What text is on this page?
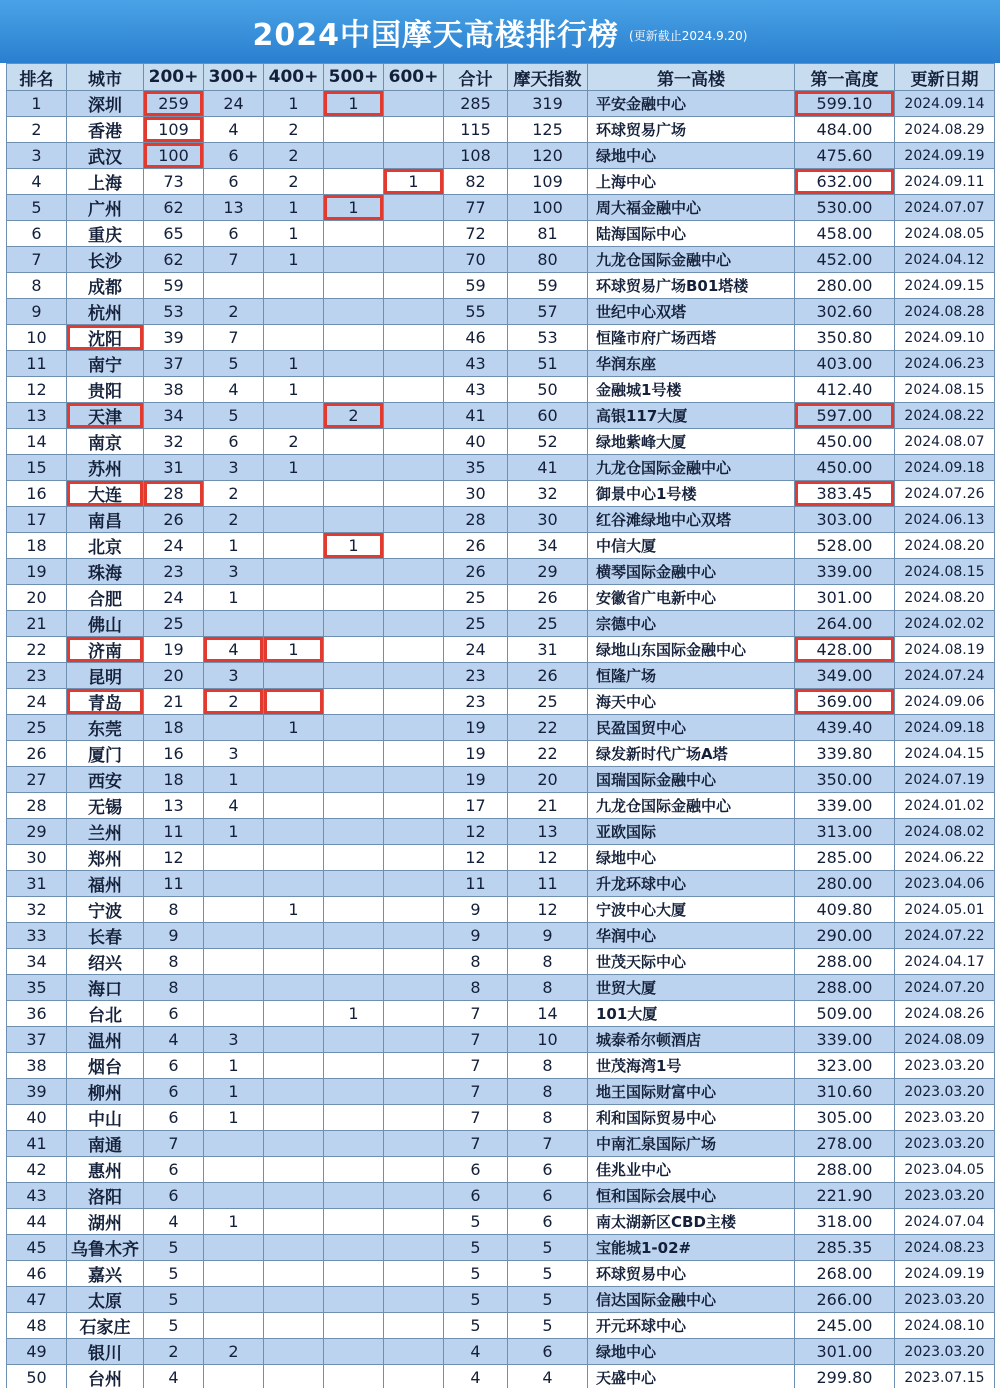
2024中国摩天高楼排行榜 (更新截止2024.9.20)
排名	城市	200+	300+	400+	500+	600+	合计	摩天指数	第一高楼	第一高度	更新日期
1	深圳	259	24	1	1		285	319	平安金融中心	599.10	2024.09.14
2	香港	109	4	2			115	125	环球贸易广场	484.00	2024.08.29
3	武汉	100	6	2			108	120	绿地中心	475.60	2024.09.19
4	上海	73	6	2		1	82	109	上海中心	632.00	2024.09.11
5	广州	62	13	1	1		77	100	周大福金融中心	530.00	2024.07.07
6	重庆	65	6	1			72	81	陆海国际中心	458.00	2024.08.05
7	长沙	62	7	1			70	80	九龙仓国际金融中心	452.00	2024.04.12
8	成都	59					59	59	环球贸易广场B01塔楼	280.00	2024.09.15
9	杭州	53	2				55	57	世纪中心双塔	302.60	2024.08.28
10	沈阳	39	7				46	53	恒隆市府广场西塔	350.80	2024.09.10
11	南宁	37	5	1			43	51	华润东座	403.00	2024.06.23
12	贵阳	38	4	1			43	50	金融城1号楼	412.40	2024.08.15
13	天津	34	5		2		41	60	高银117大厦	597.00	2024.08.22
14	南京	32	6	2			40	52	绿地紫峰大厦	450.00	2024.08.07
15	苏州	31	3	1			35	41	九龙仓国际金融中心	450.00	2024.09.18
16	大连	28	2				30	32	御景中心1号楼	383.45	2024.07.26
17	南昌	26	2				28	30	红谷滩绿地中心双塔	303.00	2024.06.13
18	北京	24	1		1		26	34	中信大厦	528.00	2024.08.20
19	珠海	23	3				26	29	横琴国际金融中心	339.00	2024.08.15
20	合肥	24	1				25	26	安徽省广电新中心	301.00	2024.08.20
21	佛山	25					25	25	宗德中心	264.00	2024.02.02
22	济南	19	4	1			24	31	绿地山东国际金融中心	428.00	2024.08.19
23	昆明	20	3				23	26	恒隆广场	349.00	2024.07.24
24	青岛	21	2				23	25	海天中心	369.00	2024.09.06
25	东莞	18		1			19	22	民盈国贸中心	439.40	2024.09.18
26	厦门	16	3				19	22	绿发新时代广场A塔	339.80	2024.04.15
27	西安	18	1				19	20	国瑞国际金融中心	350.00	2024.07.19
28	无锡	13	4				17	21	九龙仓国际金融中心	339.00	2024.01.02
29	兰州	11	1				12	13	亚欧国际	313.00	2024.08.02
30	郑州	12					12	12	绿地中心	285.00	2024.06.22
31	福州	11					11	11	升龙环球中心	280.00	2023.04.06
32	宁波	8		1			9	12	宁波中心大厦	409.80	2024.05.01
33	长春	9					9	9	华润中心	290.00	2024.07.22
34	绍兴	8					8	8	世茂天际中心	288.00	2024.04.17
35	海口	8					8	8	世贸大厦	288.00	2024.07.20
36	台北	6			1		7	14	101大厦	509.00	2024.08.26
37	温州	4	3				7	10	城泰希尔顿酒店	339.00	2024.08.09
38	烟台	6	1				7	8	世茂海湾1号	323.00	2023.03.20
39	柳州	6	1				7	8	地王国际财富中心	310.60	2023.03.20
40	中山	6	1				7	8	利和国际贸易中心	305.00	2023.03.20
41	南通	7					7	7	中南汇泉国际广场	278.00	2023.03.20
42	惠州	6					6	6	佳兆业中心	288.00	2023.04.05
43	洛阳	6					6	6	恒和国际会展中心	221.90	2023.03.20
44	湖州	4	1				5	6	南太湖新区CBD主楼	318.00	2024.07.04
45	乌鲁木齐	5					5	5	宝能城1-02#	285.35	2024.08.23
46	嘉兴	5					5	5	环球贸易中心	268.00	2024.09.19
47	太原	5					5	5	信达国际金融中心	266.00	2023.03.20
48	石家庄	5					5	5	开元环球中心	245.00	2024.08.10
49	银川	2	2				4	6	绿地中心	301.00	2023.03.20
50	台州	4					4	4	天盛中心	299.80	2023.07.15
